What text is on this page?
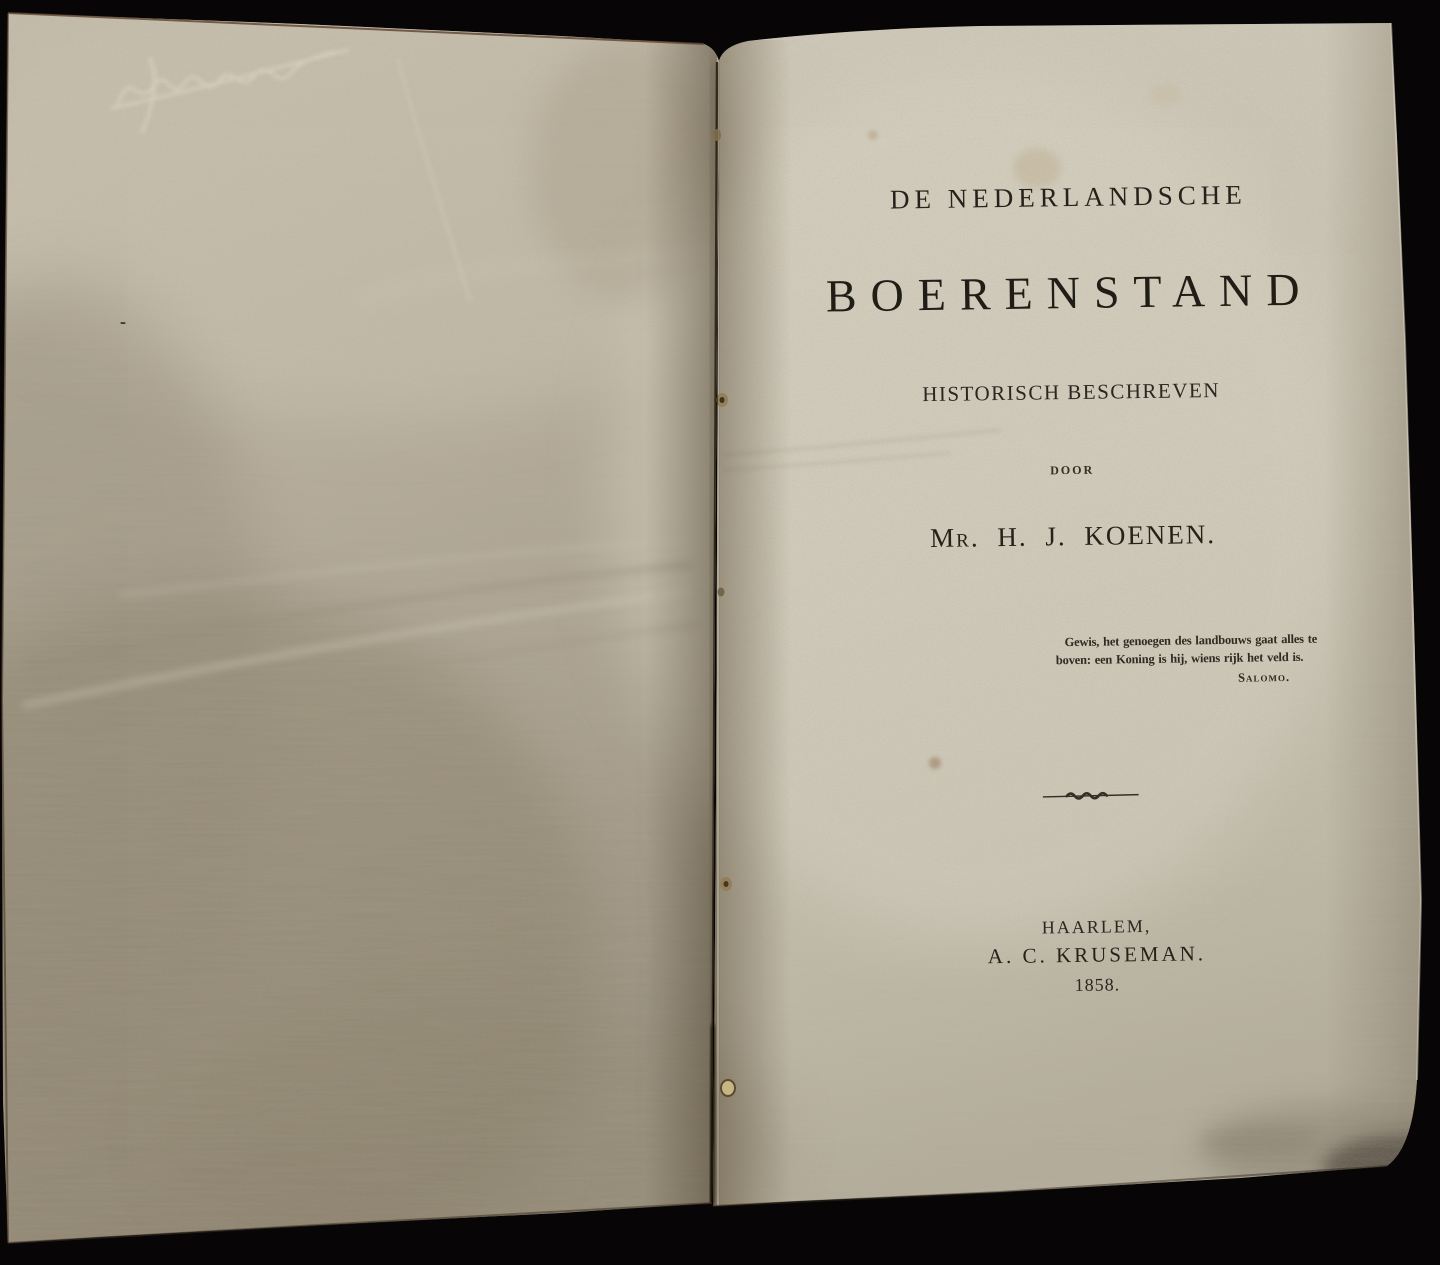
-
DE NEDERLANDSCHE
BOERENSTAND
HISTORISCH BESCHREVEN
DOOR
Mr. H. J. KOENEN.
Gewis, het genoegen des landbouws gaat alles te
boven: een Koning is hij, wiens rijk het veld is.
Salomo.
HAARLEM,
A. C. KRUSEMAN.
1858.
